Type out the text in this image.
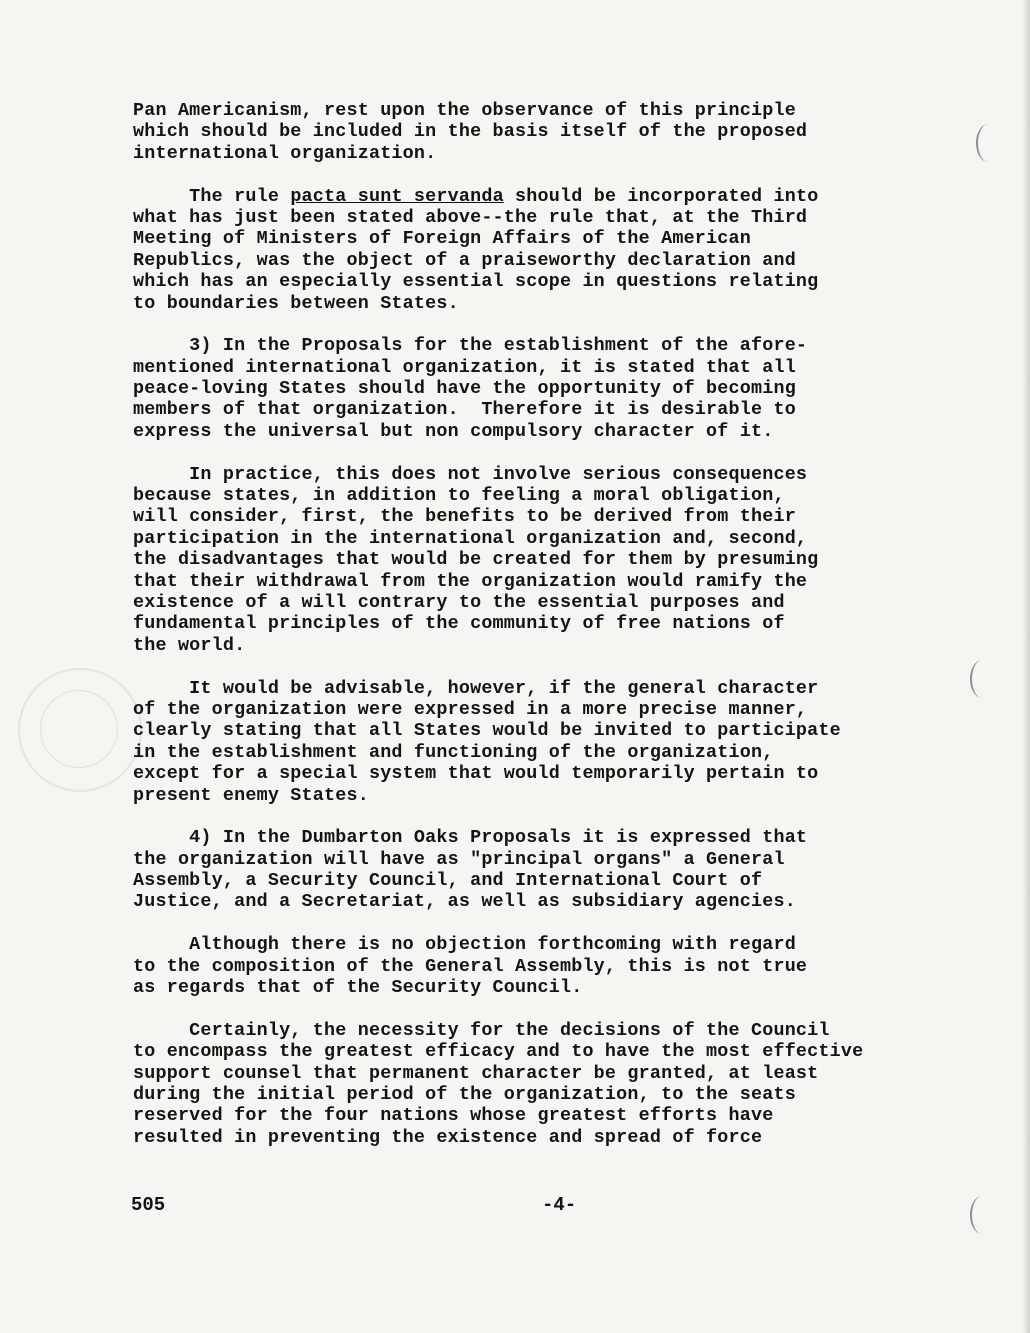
Pan Americanism, rest upon the observance of this principle
which should be included in the basis itself of the proposed
international organization.
The rule pacta sunt servanda should be incorporated into
what has just been stated above--the rule that, at the Third
Meeting of Ministers of Foreign Affairs of the American
Republics, was the object of a praiseworthy declaration and
which has an especially essential scope in questions relating
to boundaries between States.
3) In the Proposals for the establishment of the afore-
mentioned international organization, it is stated that all
peace-loving States should have the opportunity of becoming
members of that organization.  Therefore it is desirable to
express the universal but non compulsory character of it.
In practice, this does not involve serious consequences
because states, in addition to feeling a moral obligation,
will consider, first, the benefits to be derived from their
participation in the international organization and, second,
the disadvantages that would be created for them by presuming
that their withdrawal from the organization would ramify the
existence of a will contrary to the essential purposes and
fundamental principles of the community of free nations of
the world.
It would be advisable, however, if the general character
of the organization were expressed in a more precise manner,
clearly stating that all States would be invited to participate
in the establishment and functioning of the organization,
except for a special system that would temporarily pertain to
present enemy States.
4) In the Dumbarton Oaks Proposals it is expressed that
the organization will have as "principal organs" a General
Assembly, a Security Council, and International Court of
Justice, and a Secretariat, as well as subsidiary agencies.
Although there is no objection forthcoming with regard
to the composition of the General Assembly, this is not true
as regards that of the Security Council.
Certainly, the necessity for the decisions of the Council
to encompass the greatest efficacy and to have the most effective
support counsel that permanent character be granted, at least
during the initial period of the organization, to the seats
reserved for the four nations whose greatest efforts have
resulted in preventing the existence and spread of force
505	-4-
